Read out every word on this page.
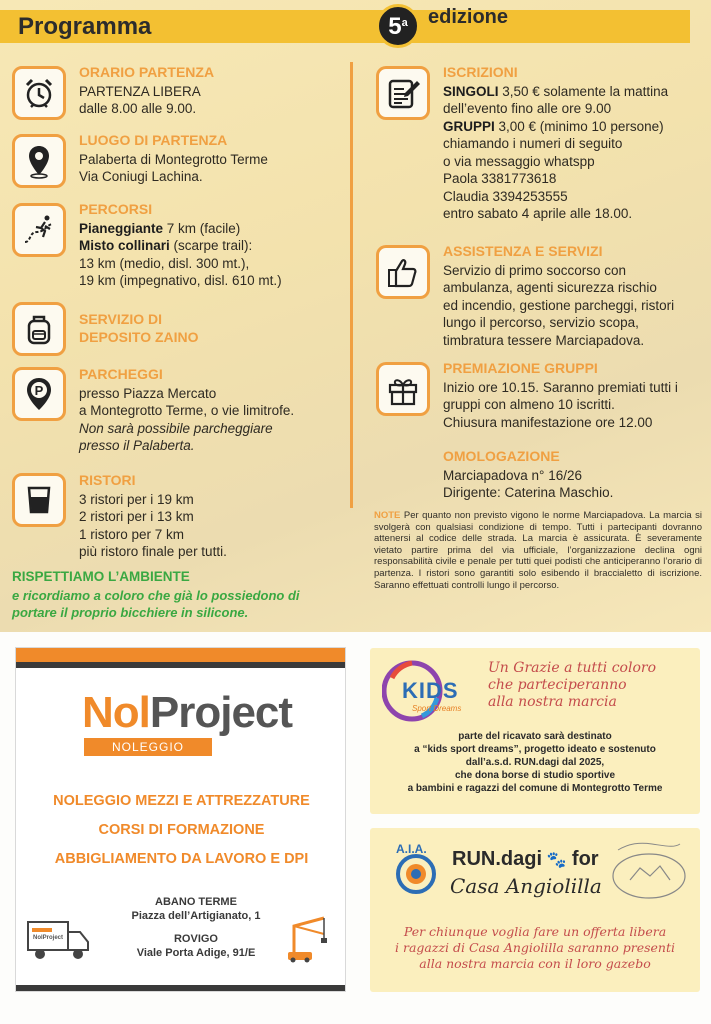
Programma	5$^a$	edizione
ORARIO PARTENZA
PARTENZA LIBERA
dalle 8.00 alle 9.00.
LUOGO DI PARTENZA
Palaberta di Montegrotto Terme
Via Coniugi Lachina.
PERCORSI
Pianeggiante 7 km (facile)
Misto collinari (scarpe trail):
13 km (medio, disl. 300 mt.),
19 km (impegnativo, disl. 610 mt.)
SERVIZIO DI
DEPOSITO ZAINO
P
PARCHEGGI
presso Piazza Mercato
a Montegrotto Terme, o vie limitrofe.
Non sarà possibile parcheggiare
presso il Palaberta.
RISTORI
3 ristori per i 19 km
2 ristori per i 13 km
1 ristoro per 7 km
più ristoro finale per tutti.
RISPETTIAMO L’AMBIENTE
e ricordiamo a coloro che già lo possiedono di portare il proprio bicchiere in silicone.
ISCRIZIONI
SINGOLI 3,50 € solamente la mattina
dell’evento fino alle ore 9.00
GRUPPI 3,00 € (minimo 10 persone)
chiamando i numeri di seguito
o via messaggio whatspp
Paola 3381773618
Claudia 3394253555
entro sabato 4 aprile alle 18.00.
ASSISTENZA E SERVIZI
Servizio di primo soccorso con
ambulanza, agenti sicurezza rischio
ed incendio, gestione parcheggi, ristori
lungo il percorso, servizio scopa,
timbratura tessere Marciapadova.
PREMIAZIONE GRUPPI
Inizio ore 10.15. Saranno premiati tutti i
gruppi con almeno 10 iscritti.
Chiusura manifestazione ore 12.00
OMOLOGAZIONE
Marciapadova n° 16/26
Dirigente: Caterina Maschio.
NOTE Per quanto non previsto vigono le norme Marciapadova. La marcia si svolgerà con qualsiasi condizione di tempo. Tutti i partecipanti dovranno attenersi al codice delle strada. La marcia è assicurata. È severamente vietato partire prima del via ufficiale, l’organizzazione declina ogni responsabilità civile e penale per tutti quei podisti che anticiperanno l’orario di partenza. I ristori sono garantiti solo esibendo il braccialetto di iscrizione. Saranno effettuati controlli lungo il percorso.
NolProject
NOLEGGIO
NOLEGGIO MEZZI E ATTREZZATURE
CORSI DI FORMAZIONE
ABBIGLIAMENTO DA LAVORO E DPI
ABANO TERME
Piazza dell’Artigianato, 1
ROVIGO
Viale Porta Adige, 91/E
NolProject
KIDS
Sport Dreams
Un Grazie a tutti coloro
che parteciperanno
alla nostra marcia
parte del ricavato sarà destinato
a “kids sport dreams”, progetto ideato e sostenuto
dall’a.s.d. RUN.dagi dal 2025,
che dona borse di studio sportive
a bambini e ragazzi del comune di Montegrotto Terme
A.I.A. RUN.dagi 🐾 for
Casa Angiolilla
Per chiunque voglia fare un offerta libera
i ragazzi di Casa Angiolilla saranno presenti
alla nostra marcia con il loro gazebo
